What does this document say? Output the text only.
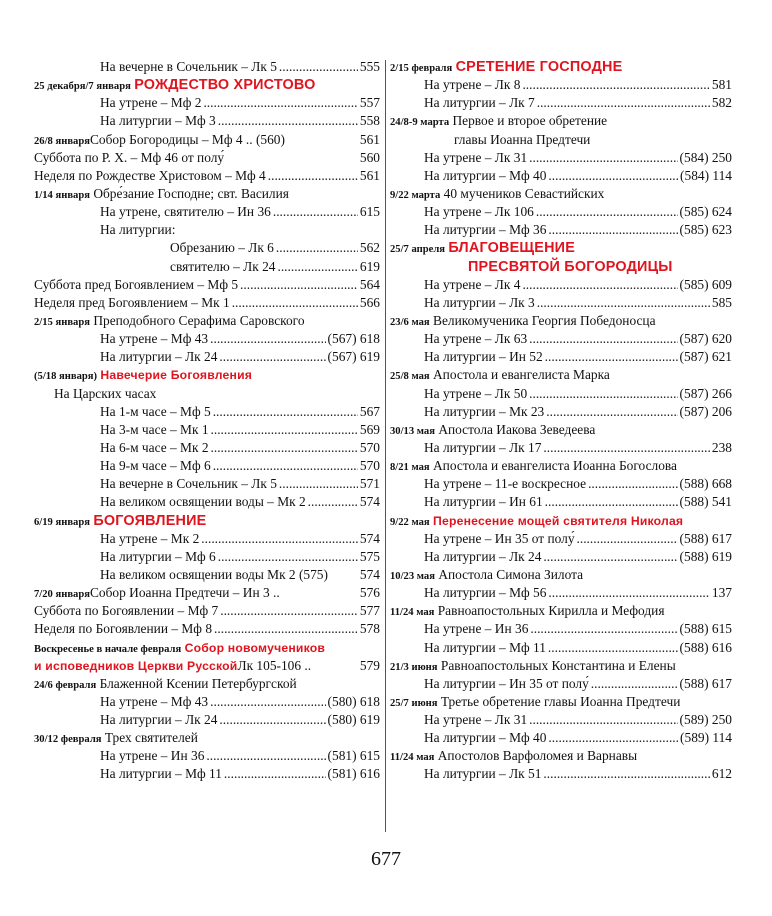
На вечерне в Сочельник – Лк 5 .....	555
25 декабря/7 января РОЖДЕСТВО ХРИСТОВО
На утрене – Мф 2 .....	557
На литургии – Мф 3 .....	558
26/8 января Собор Богородицы – Мф 4 .. (560)	561
Суббота по Р. Х. – Мф 46 от полу́	560
Неделя по Рождестве Христовом – Мф 4 .....	561
1/14 января Обре́зание Господне; свт. Василия
На утрене, святителю – Ин 36 .....	615
На литургии:
Обрезанию – Лк 6 .....	562
святителю – Лк 24 .....	619
Суббота пред Богоявлением – Мф 5 .....	564
Неделя пред Богоявлением – Мк 1 .....	566
2/15 января Преподобного Серафима Саровского
На утрене – Мф 43 .....	(567) 618
На литургии – Лк 24 .....	(567) 619
(5/18 января) Навечерие Богоявления
На Царских часах
На 1-м часе – Мф 5 .....	567
На 3-м часе – Мк 1 .....	569
На 6-м часе – Мк 2 .....	570
На 9-м часе – Мф 6 .....	570
На вечерне в Сочельник – Лк 5 .....	571
На великом освящении воды – Мк 2 .....	574
6/19 января БОГОЯВЛЕНИЕ
На утрене – Мк 2 .....	574
На литургии – Мф 6 .....	575
На великом освящении воды Мк 2 (575) 574
7/20 января Собор Иоанна Предтечи – Ин 3 ..	576
Суббота по Богоявлении – Мф 7 .....	577
Неделя по Богоявлении – Мф 8 .....	578
Воскресенье в начале февраля Собор новомучеников
и исповедников Церкви Русской Лк 105-106 ..	579
24/6 февраля Блаженной Ксении Петербургской
На утрене – Мф 43 .....	(580) 618
На литургии – Лк 24 .....	(580) 619
30/12 февраля Трех святителей
На утрене – Ин 36 .....	(581) 615
На литургии – Мф 11 .....	(581) 616
2/15 февраля СРЕТЕНИЕ ГОСПОДНЕ
На утрене – Лк 8 .....	581
На литургии – Лк 7 .....	582
24/8-9 марта Первое и второе обретение
главы Иоанна Предтечи
На утрене – Лк 31 .....	(584) 250
На литургии – Мф 40 .....	(584) 114
9/22 марта 40 мучеников Севастийских
На утрене – Лк 106 .....	(585) 624
На литургии – Мф 36 .....	(585) 623
25/7 апреля БЛАГОВЕЩЕНИЕ
ПРЕСВЯТОЙ БОГОРОДИЦЫ
На утрене – Лк 4 .....	(585) 609
На литургии – Лк 3 .....	585
23/6 мая Великомученика Георгия Победоносца
На утрене – Лк 63 .....	(587) 620
На литургии – Ин 52 .....	(587) 621
25/8 мая Апостола и евангелиста Марка
На утрене – Лк 50 .....	(587) 266
На литургии – Мк 23 .....	(587) 206
30/13 мая Апостола Иакова Зеведеева
На литургии – Лк 17 .....	238
8/21 мая Апостола и евангелиста Иоанна Богослова
На утрене – 11-е воскресное .....	(588) 668
На литургии – Ин 61 .....	(588) 541
9/22 мая Перенесение мощей святителя Николая
На утрене – Ин 35 от полу́ .....	(588) 617
На литургии – Лк 24 .....	(588) 619
10/23 мая Апостола Симона Зилота
На литургии – Мф 56 .....	137
11/24 мая Равноапостольных Кирилла и Мефодия
На утрене – Ин 36 .....	(588) 615
На литургии – Мф 11 .....	(588) 616
21/3 июня Равноапостольных Константина и Елены
На литургии – Ин 35 от полу́ .....	(588) 617
25/7 июня Третье обретение главы Иоанна Предтечи
На утрене – Лк 31 .....	(589) 250
На литургии – Мф 40 .....	(589) 114
11/24 мая Апостолов Варфоломея и Варнавы
На литургии – Лк 51 .....	612
677
